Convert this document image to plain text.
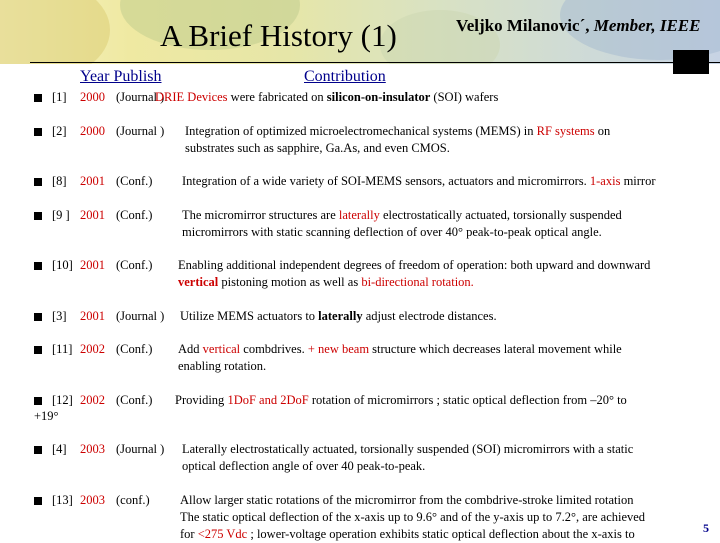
A Brief History (1)	Veljko Milanovic´, Member, IEEE
Year Publish	Contribution
[1] 2000 (Journal )
DRIE Devices were fabricated on silicon-on-insulator (SOI) wafers
[2] 2000 (Journal ) Integration of optimized microelectromechanical systems (MEMS) in RF systems on
substrates such as sapphire, Ga.As, and even CMOS.
[8] 2001 (Conf.) Integration of a wide variety of SOI-MEMS sensors, actuators and micromirrors. 1-axis mirror
[9 ] 2001 (Conf.) The micromirror structures are laterally electrostatically actuated, torsionally suspended
micromirrors with static scanning deflection of over 40° peak-to-peak optical angle.
[10] 2001 (Conf.) Enabling additional independent degrees of freedom of operation: both upward and downward
vertical pistoning motion as well as bi-directional rotation.
[3] 2001 (Journal ) Utilize MEMS actuators to laterally adjust electrode distances.
[11] 2002 (Conf.) Add vertical combdrives. + new beam structure which decreases lateral movement while
enabling rotation.
[12] 2002 (Conf.) Providing 1DoF and 2DoF rotation of micromirrors ; static optical deflection from –20° to
+19°
[4] 2003 (Journal ) Laterally electrostatically actuated, torsionally suspended (SOI) micromirrors with a static
optical deflection angle of over 40 peak-to-peak.
[13] 2003 (conf.) Allow larger static rotations of the micromirror from the combdrive-stroke limited rotation
The static optical deflection of the x-axis up to 9.6° and of the y-axis up to 7.2°, are achieved
for <275 Vdc ; lower-voltage operation exhibits static optical deflection about the x-axis to	5
